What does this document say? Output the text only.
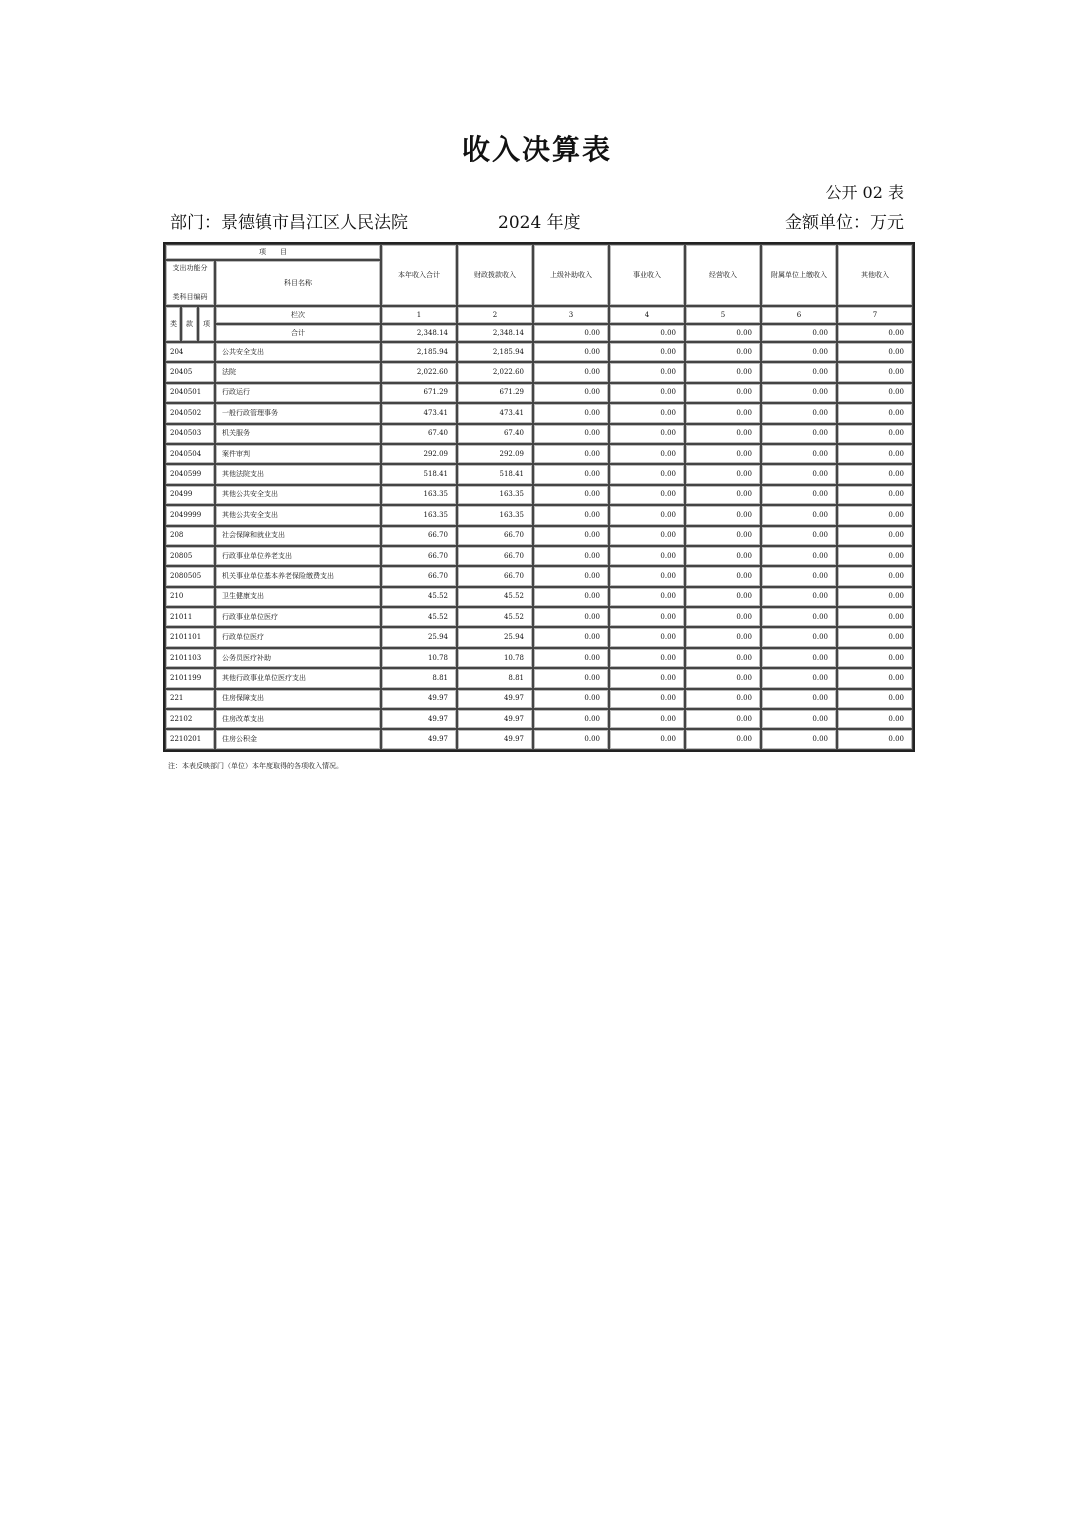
收入决算表
公开 02 表
部门：景德镇市昌江区人民法院	2024 年度	金额单位：万元
项　　目				本年收入合计	财政拨款收入	上级补助收入	事业收入	经营收入	附属单位上缴收入	其他收入

支出功能分
类科目编码			科目名称							
类	款	项	栏次	1	2	3	4	5	6	7
			合计	2,348.14	2,348.14	0.00	0.00	0.00	0.00	0.00
204			公共安全支出	2,185.94	2,185.94	0.00	0.00	0.00	0.00	0.00
20405			法院	2,022.60	2,022.60	0.00	0.00	0.00	0.00	0.00
2040501			行政运行	671.29	671.29	0.00	0.00	0.00	0.00	0.00
2040502			一般行政管理事务	473.41	473.41	0.00	0.00	0.00	0.00	0.00
2040503			机关服务	67.40	67.40	0.00	0.00	0.00	0.00	0.00
2040504			案件审判	292.09	292.09	0.00	0.00	0.00	0.00	0.00
2040599			其他法院支出	518.41	518.41	0.00	0.00	0.00	0.00	0.00
20499			其他公共安全支出	163.35	163.35	0.00	0.00	0.00	0.00	0.00
2049999			其他公共安全支出	163.35	163.35	0.00	0.00	0.00	0.00	0.00
208			社会保障和就业支出	66.70	66.70	0.00	0.00	0.00	0.00	0.00
20805			行政事业单位养老支出	66.70	66.70	0.00	0.00	0.00	0.00	0.00
2080505			机关事业单位基本养老保险缴费支出	66.70	66.70	0.00	0.00	0.00	0.00	0.00
210			卫生健康支出	45.52	45.52	0.00	0.00	0.00	0.00	0.00
21011			行政事业单位医疗	45.52	45.52	0.00	0.00	0.00	0.00	0.00
2101101			行政单位医疗	25.94	25.94	0.00	0.00	0.00	0.00	0.00
2101103			公务员医疗补助	10.78	10.78	0.00	0.00	0.00	0.00	0.00
2101199			其他行政事业单位医疗支出	8.81	8.81	0.00	0.00	0.00	0.00	0.00
221			住房保障支出	49.97	49.97	0.00	0.00	0.00	0.00	0.00
22102			住房改革支出	49.97	49.97	0.00	0.00	0.00	0.00	0.00
2210201			住房公积金	49.97	49.97	0.00	0.00	0.00	0.00	0.00
注：本表反映部门（单位）本年度取得的各项收入情况。
